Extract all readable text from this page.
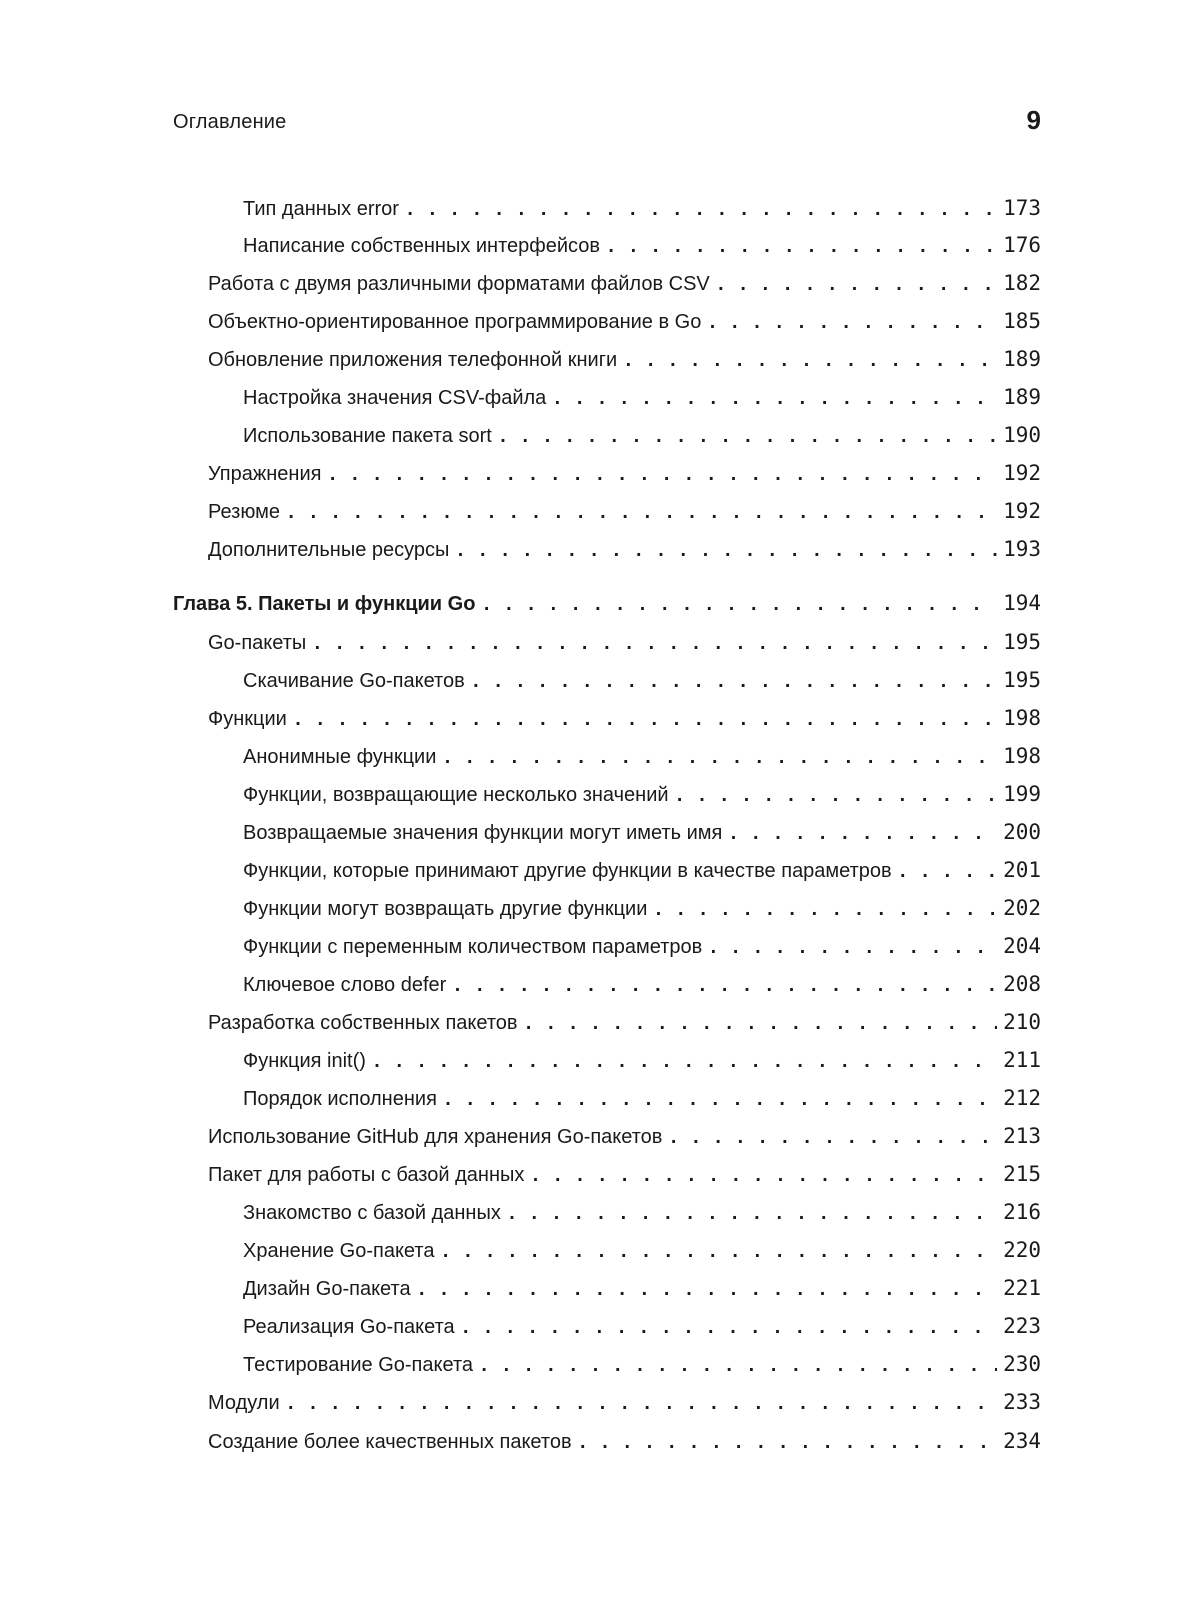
Оглавление	9
Тип данных error . . .	173
Написание собственных интерфейсов . . .	176
Работа с двумя различными форматами файлов CSV . . .	182
Объектно-ориентированное программирование в Go . . .	185
Обновление приложения телефонной книги . . .	189
Настройка значения CSV-файла . . .	189
Использование пакета sort . . .	190
Упражнения . . .	192
Резюме . . .	192
Дополнительные ресурсы . . .	193
Глава 5. Пакеты и функции Go . . .	194
Go-пакеты . . .	195
Скачивание Go-пакетов . . .	195
Функции . . .	198
Анонимные функции . . .	198
Функции, возвращающие несколько значений . . .	199
Возвращаемые значения функции могут иметь имя . . .	200
Функции, которые принимают другие функции в качестве параметров . . .	201
Функции могут возвращать другие функции . . .	202
Функции с переменным количеством параметров . . .	204
Ключевое слово defer . . .	208
Разработка собственных пакетов . . .	210
Функция init() . . .	211
Порядок исполнения . . .	212
Использование GitHub для хранения Go-пакетов . . .	213
Пакет для работы с базой данных . . .	215
Знакомство с базой данных . . .	216
Хранение Go-пакета . . .	220
Дизайн Go-пакета . . .	221
Реализация Go-пакета . . .	223
Тестирование Go-пакета . . .	230
Модули . . .	233
Создание более качественных пакетов . . .	234
